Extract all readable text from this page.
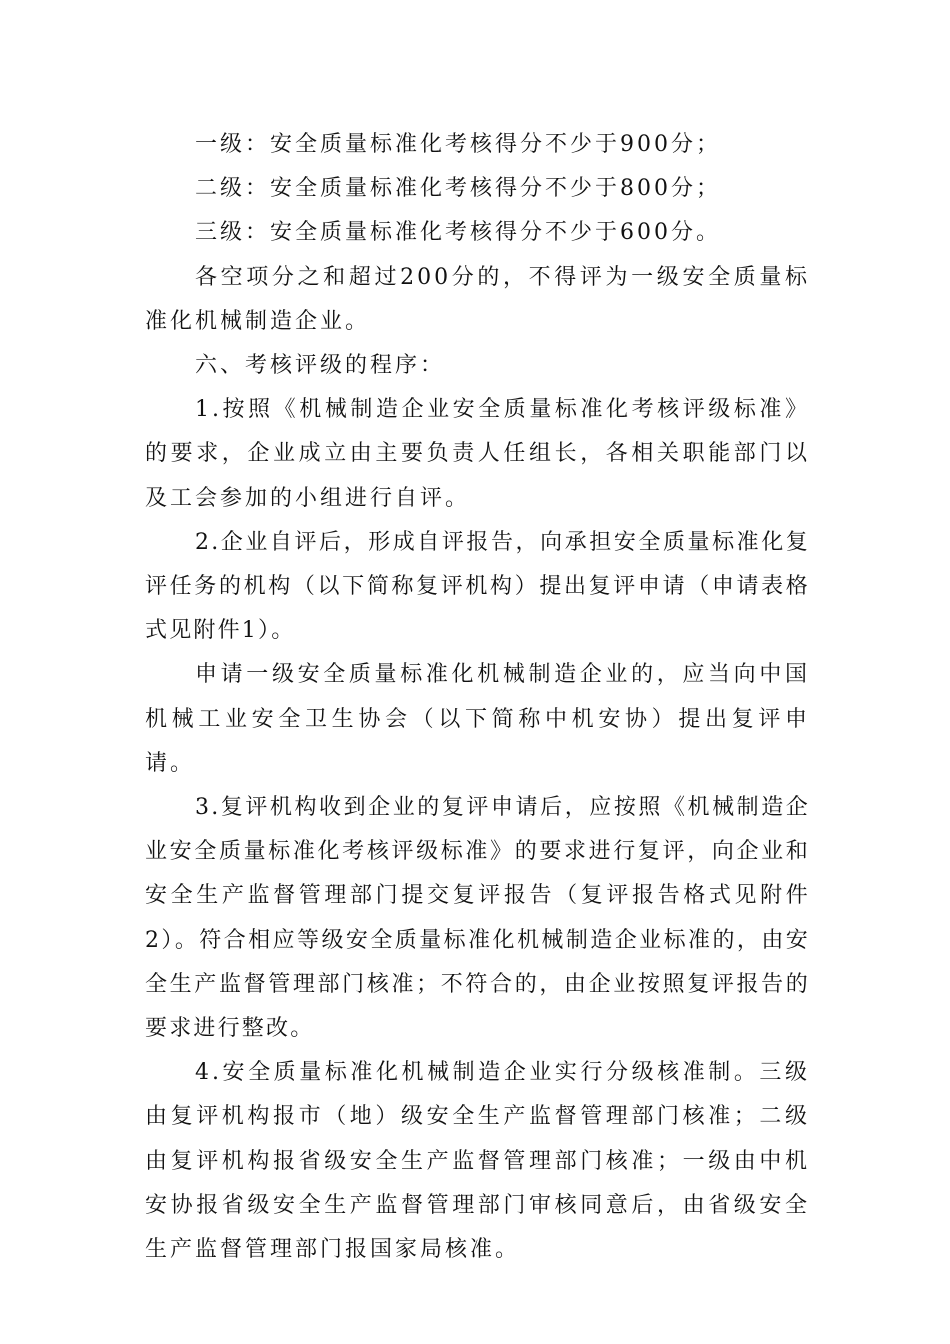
一级：安全质量标准化考核得分不少于900分；

二级：安全质量标准化考核得分不少于800分；

三级：安全质量标准化考核得分不少于600分。

各空项分之和超过200分的，不得评为一级安全质量标准化机械制造企业。

六、考核评级的程序：

1.按照《机械制造企业安全质量标准化考核评级标准》的要求，企业成立由主要负责人任组长，各相关职能部门以及工会参加的小组进行自评。

2.企业自评后，形成自评报告，向承担安全质量标准化复评任务的机构（以下简称复评机构）提出复评申请（申请表格式见附件1）。

申请一级安全质量标准化机械制造企业的，应当向中国机械工业安全卫生协会（以下简称中机安协）提出复评申请。

3.复评机构收到企业的复评申请后，应按照《机械制造企业安全质量标准化考核评级标准》的要求进行复评，向企业和安全生产监督管理部门提交复评报告（复评报告格式见附件2）。符合相应等级安全质量标准化机械制造企业标准的，由安全生产监督管理部门核准；不符合的，由企业按照复评报告的要求进行整改。

4.安全质量标准化机械制造企业实行分级核准制。三级由复评机构报市（地）级安全生产监督管理部门核准；二级由复评机构报省级安全生产监督管理部门核准；一级由中机安协报省级安全生产监督管理部门审核同意后，由省级安全生产监督管理部门报国家局核准。
